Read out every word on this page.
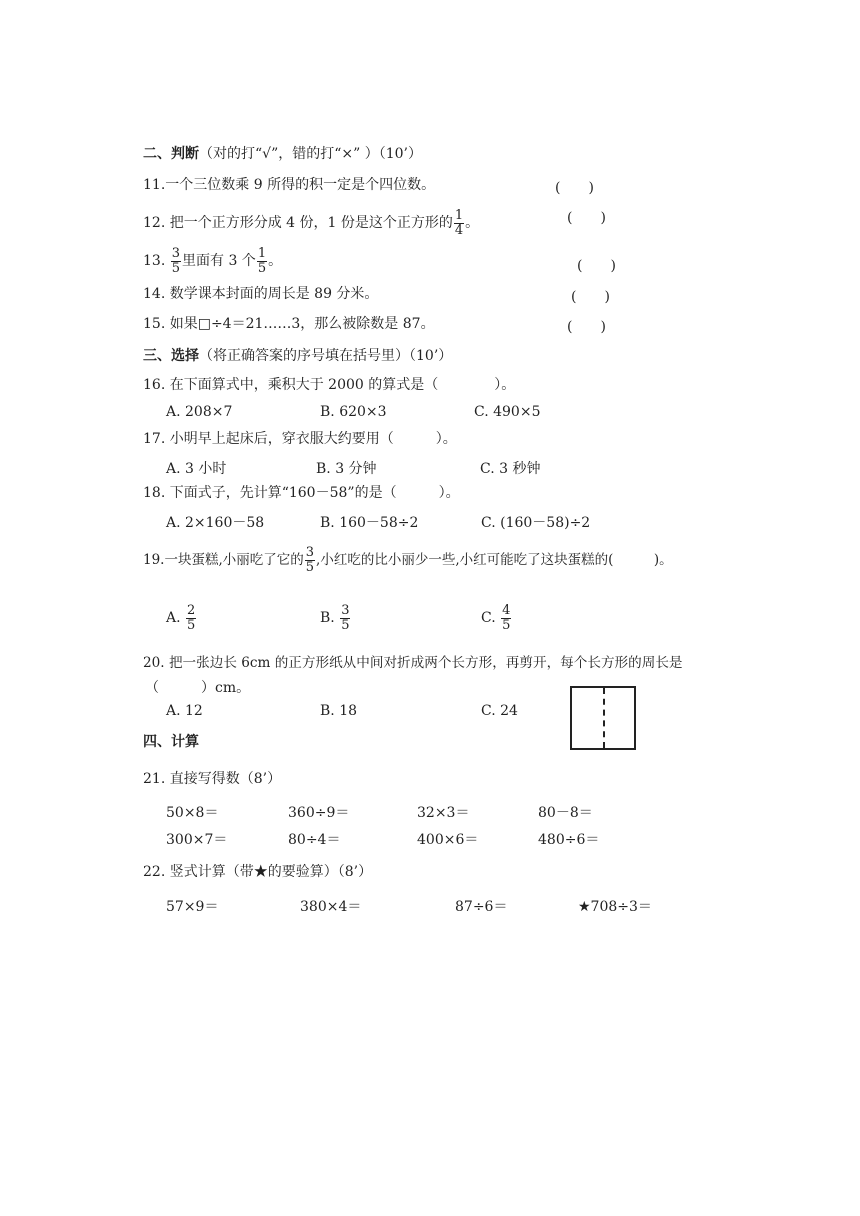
二、判断（对的打“√”，错的打“×” ）（10’）
11.一个三位数乘 9 所得的积一定是个四位数。	(　　)
12. 把一个正方形分成 4 份，1 份是这个正方形的 $\frac{1}{4}$ 。	(　　)
13. $\frac{3}{5}$ 里面有 3 个 $\frac{1}{5}$ 。	(　　)
14. 数学课本封面的周长是 89 分米。	(　　)
15. 如果□÷4＝21……3，那么被除数是 87。	(　　)
三、选择（将正确答案的序号填在括号里）（10’）
16. 在下面算式中，乘积大于 2000 的算式是（　　　　）。
A. 208×7	B. 620×3	C. 490×5
17. 小明早上起床后，穿衣服大约要用（　　　）。
A. 3 小时	B. 3 分钟	C. 3 秒钟
18. 下面式子，先计算“160－58”的是（　　　）。
A. 2×160－58	B. 160－58÷2	C. (160－58)÷2
19.一块蛋糕,小丽吃了它的 $\frac{3}{5}$ ,小红吃的比小丽少一些,小红可能吃了这块蛋糕的(　　　)。
A. $\frac{2}{5}$	B. $\frac{3}{5}$	C. $\frac{4}{5}$
20. 把一张边长 6cm 的正方形纸从中间对折成两个长方形，再剪开，每个长方形的周长是
（　　　）cm。
A. 12	B. 18	C. 24
四、计算
21. 直接写得数（8’）
50×8＝	360÷9＝	32×3＝	80－8＝
300×7＝	80÷4＝	400×6＝	480÷6＝
22. 竖式计算（带★的要验算）（8’）
57×9＝	380×4＝	87÷6＝	★708÷3＝
